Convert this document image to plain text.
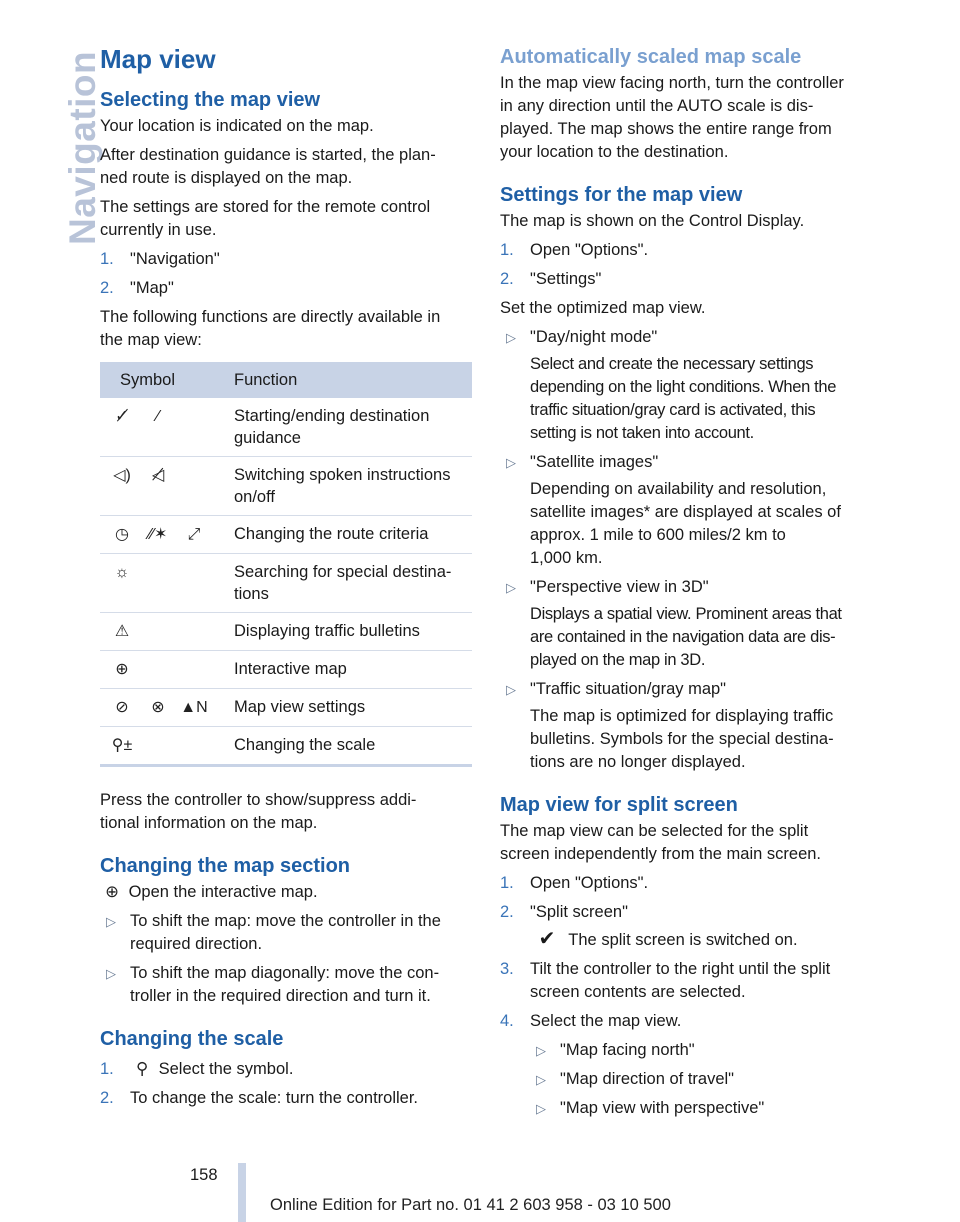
Navigation
Map view
Selecting the map view

Your location is indicated on the map.

After destination guidance is started, the plan-
ned route is displayed on the map.

The settings are stored for the remote control
currently in use.

1. "Navigation"
2. "Map"

The following functions are directly available in
the map view:

Symbol	Function
✓̸ ⁄	Starting/ending destination
guidance
◁) ◁̸	Switching spoken instructions
on/off
◷ ∕∕✶ ⤢	Changing the route criteria
☼	Searching for special destina-
tions
⚠	Displaying traffic bulletins
⊕	Interactive map
⊘ ⊗ ▲N	Map view settings
⚲±	Changing the scale

Press the controller to show/suppress addi-
tional information on the map.

Changing the map section

⊕ Open the interactive map.

▷ To shift the map: move the controller in the
required direction.
▷ To shift the map diagonally: move the con-
troller in the required direction and turn it.
Changing the scale
1. ⚲ Select the symbol.
2. To change the scale: turn the controller.
Automatically scaled map scale

In the map view facing north, turn the controller
in any direction until the AUTO scale is dis-
played. The map shows the entire range from
your location to the destination.

Settings for the map view

The map is shown on the Control Display.

1. Open "Options".
2. "Settings"

Set the optimized map view.

▷ "Day/night mode"
Select and create the necessary settings
depending on the light conditions. When the
traffic situation/gray card is activated, this
setting is not taken into account.
▷ "Satellite images"
Depending on availability and resolution,
satellite images* are displayed at scales of
approx. 1 mile to 600 miles/2 km to
1,000 km.
▷ "Perspective view in 3D"
Displays a spatial view. Prominent areas that
are contained in the navigation data are dis-
played on the map in 3D.
▷ "Traffic situation/gray map"
The map is optimized for displaying traffic
bulletins. Symbols for the special destina-
tions are no longer displayed.
Map view for split screen

The map view can be selected for the split
screen independently from the main screen.

1. Open "Options".
2. "Split screen"
✔ The split screen is switched on.
3. Tilt the controller to the right until the split
screen contents are selected.
4. Select the map view.
▷ "Map facing north"
▷ "Map direction of travel"
▷ "Map view with perspective"
158
Online Edition for Part no. 01 41 2 603 958 - 03 10 500
